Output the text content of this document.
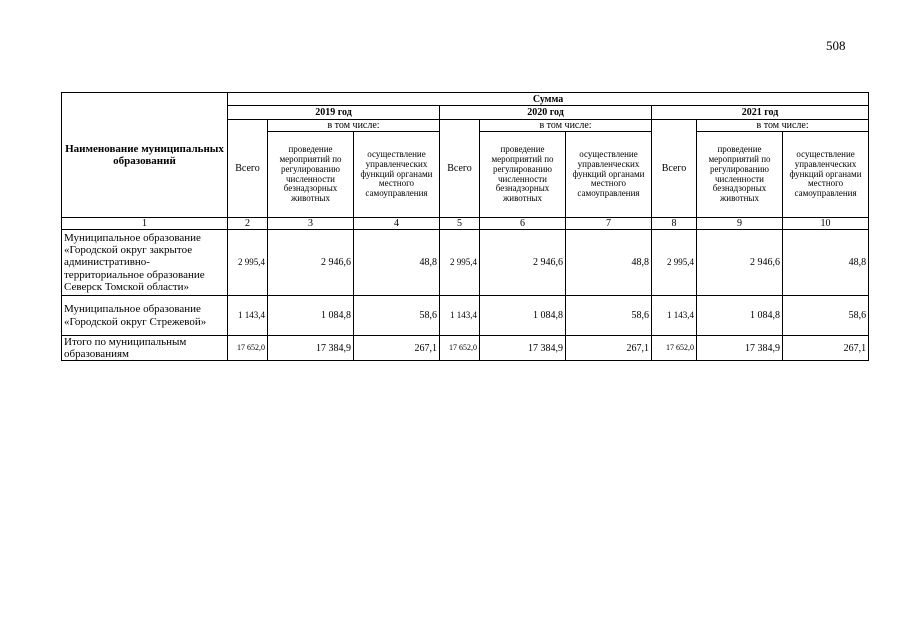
508
Наименование муниципальных образований	Сумма								
	2019 год			2020 год			2021 год		
	Всего	в том числе:		Всего	в том числе:		Всего	в том числе:	
		проведение мероприятий по регулированию численности безнадзорных животных	осуществление управленческих функций органами местного самоуправления		проведение мероприятий по регулированию численности безнадзорных животных	осуществление управленческих функций органами местного самоуправления		проведение мероприятий по регулированию численности безнадзорных животных	осуществление управленческих функций органами местного самоуправления
1	2	3	4	5	6	7	8	9	10
Муниципальное образование «Городской округ закрытое административно-территориальное образование Северск Томской области»	2 995,4	2 946,6	48,8	2 995,4	2 946,6	48,8	2 995,4	2 946,6	48,8
Муниципальное образование «Городской округ Стрежевой»	1 143,4	1 084,8	58,6	1 143,4	1 084,8	58,6	1 143,4	1 084,8	58,6
Итого по муниципальным образованиям	17 652,0	17 384,9	267,1	17 652,0	17 384,9	267,1	17 652,0	17 384,9	267,1
